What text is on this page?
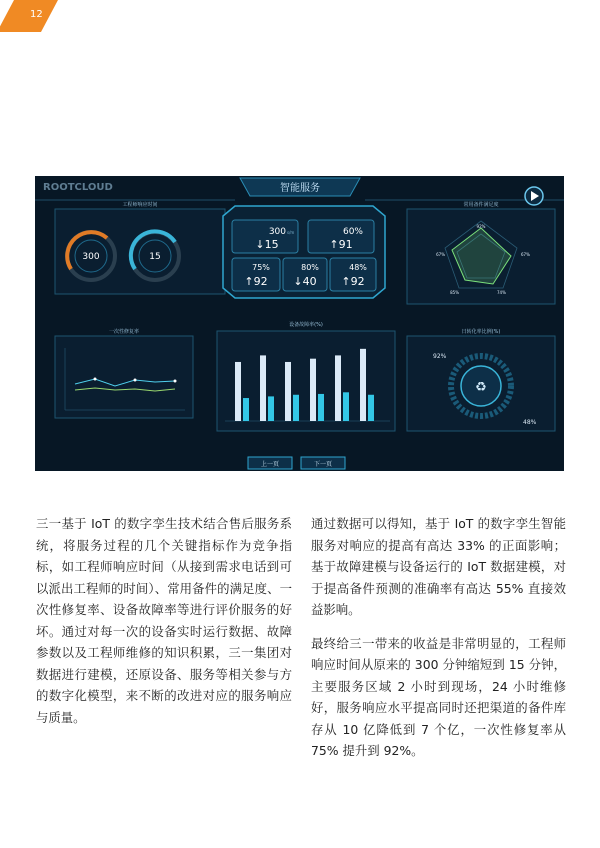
12
ROOTCLOUD	智能服务
工程师响应时间
300	15
300 s/m
↓15
60%
↑91
75%
↑92
80%
↓40
48%
↑92
常用备件满足度
92%
67%
67%
74%
85%
一次性修复率
设备故障率(%)
日转化率比例(%)
♻
92%
48%
上一页	下一页

三一基于 IoT 的数字孪生技术结合售后服务系统，将服务过程的几个关键指标作为竞争指标，如工程师响应时间（从接到需求电话到可以派出工程师的时间）、常用备件的满足度、一次性修复率、设备故障率等进行评价服务的好坏。通过对每一次的设备实时运行数据、故障参数以及工程师维修的知识积累，三一集团对数据进行建模，还原设备、服务等相关参与方的数字化模型，来不断的改进对应的服务响应与质量。

通过数据可以得知，基于 IoT 的数字孪生智能服务对响应的提高有高达 33% 的正面影响；基于故障建模与设备运行的 IoT 数据建模，对于提高备件预测的准确率有高达 55% 直接效益影响。

最终给三一带来的收益是非常明显的，工程师响应时间从原来的 300 分钟缩短到 15 分钟，主要服务区域 2 小时到现场，24 小时维修好，服务响应水平提高同时还把渠道的备件库存从 10 亿降低到 7 个亿，一次性修复率从 75% 提升到 92%。
